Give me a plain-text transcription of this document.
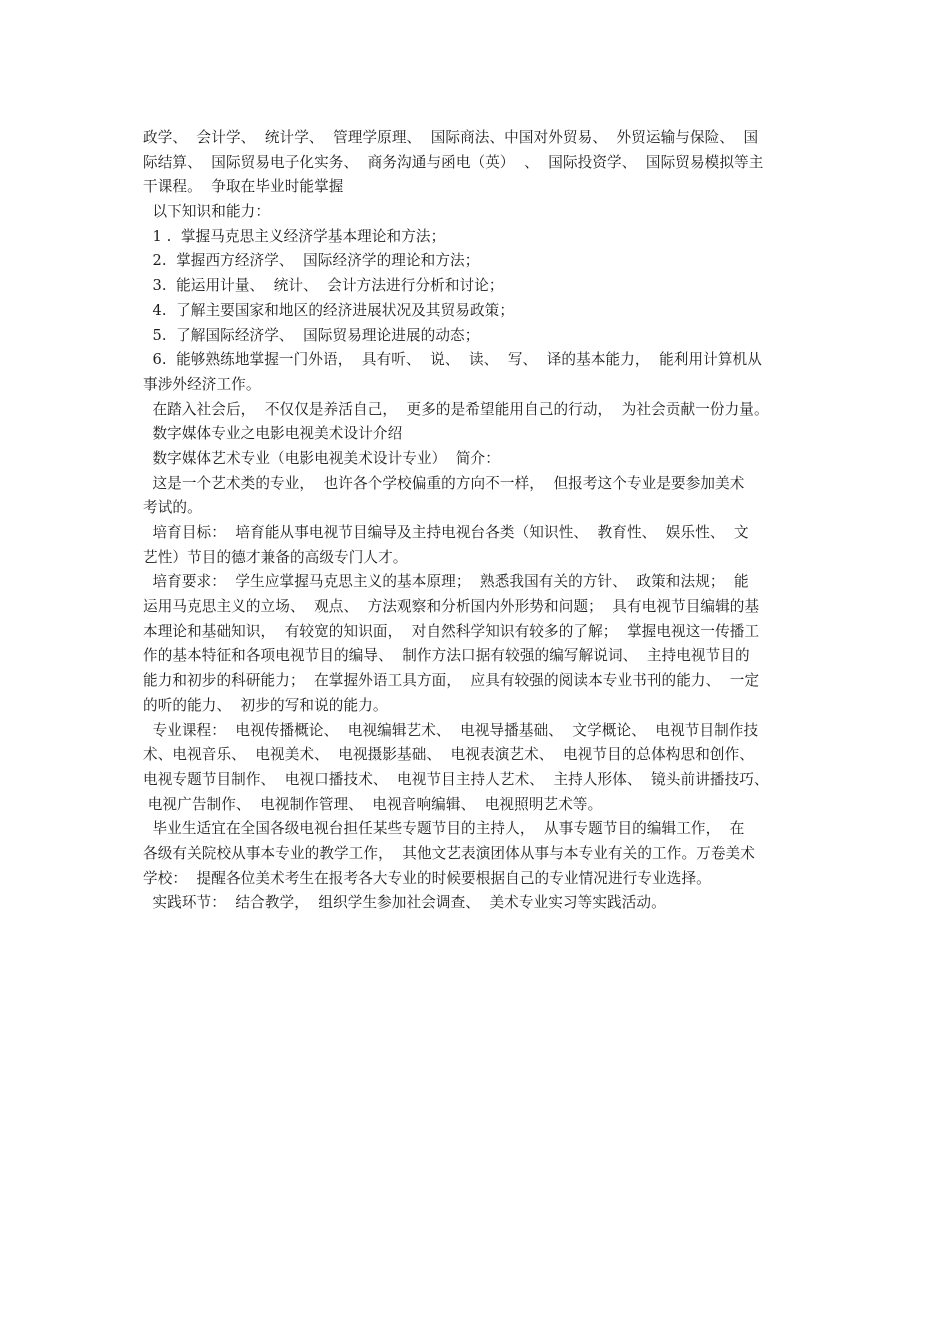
政学、  会计学、  统计学、  管理学原理、  国际商法、中国对外贸易、  外贸运输与保险、  国
际结算、  国际贸易电子化实务、  商务沟通与函电（英）  、  国际投资学、  国际贸易模拟等主
干课程。  争取在毕业时能掌握
以下知识和能力：
1 .  掌握马克思主义经济学基本理论和方法；
2.  掌握西方经济学、  国际经济学的理论和方法；
3.  能运用计量、  统计、  会计方法进行分析和讨论；
4.  了解主要国家和地区的经济进展状况及其贸易政策；
5.  了解国际经济学、  国际贸易理论进展的动态；
6.  能够熟练地掌握一门外语，  具有听、  说、  读、  写、  译的基本能力，  能利用计算机从
事涉外经济工作。
在踏入社会后，  不仅仅是养活自己，  更多的是希望能用自己的行动，  为社会贡献一份力量。
数字媒体专业之电影电视美术设计介绍
数字媒体艺术专业（电影电视美术设计专业）  简介：
这是一个艺术类的专业，  也许各个学校偏重的方向不一样，  但报考这个专业是要参加美术
考试的。
培育目标：  培育能从事电视节目编导及主持电视台各类（知识性、  教育性、  娱乐性、  文
艺性）节目的德才兼备的高级专门人才。
培育要求：  学生应掌握马克思主义的基本原理；  熟悉我国有关的方针、  政策和法规；  能
运用马克思主义的立场、  观点、  方法观察和分析国内外形势和问题；  具有电视节目编辑的基
本理论和基础知识，  有较宽的知识面，  对自然科学知识有较多的了解；  掌握电视这一传播工
作的基本特征和各项电视节目的编导、  制作方法口据有较强的编写解说词、  主持电视节目的
能力和初步的科研能力；  在掌握外语工具方面，  应具有较强的阅读本专业书刊的能力、  一定
的听的能力、  初步的写和说的能力。
专业课程：  电视传播概论、  电视编辑艺术、  电视导播基础、  文学概论、  电视节目制作技
术、电视音乐、  电视美术、  电视摄影基础、  电视表演艺术、  电视节目的总体构思和创作、
电视专题节目制作、  电视口播技术、  电视节目主持人艺术、  主持人形体、  镜头前讲播技巧、
电视广告制作、  电视制作管理、  电视音响编辑、  电视照明艺术等。
毕业生适宜在全国各级电视台担任某些专题节目的主持人，  从事专题节目的编辑工作，  在
各级有关院校从事本专业的教学工作，  其他文艺表演团体从事与本专业有关的工作。万卷美术
学校：  提醒各位美术考生在报考各大专业的时候要根据自己的专业情况进行专业选择。
实践环节：  结合教学，  组织学生参加社会调查、  美术专业实习等实践活动。
